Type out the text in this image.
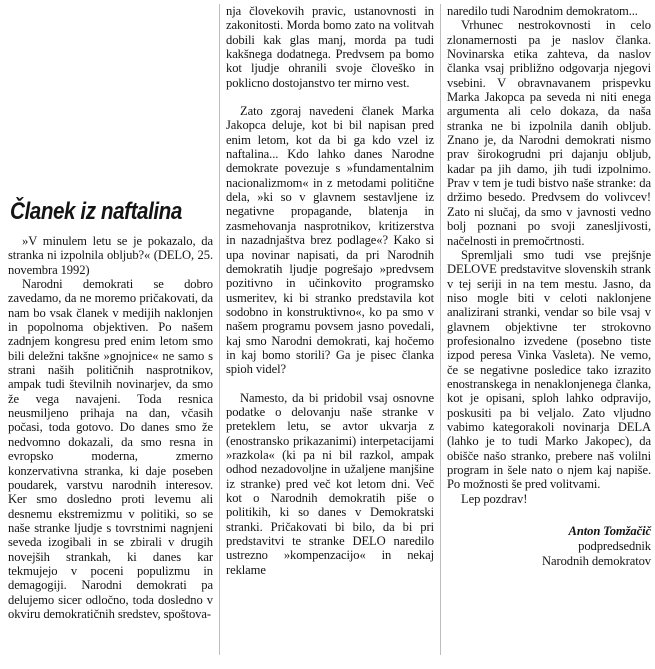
nja človekovih pravic, ustanovnosti in zakonitosti. Morda bomo zato na volitvah dobili kak glas manj, morda pa tudi kakšnega dodatnega. Predvsem pa bomo kot ljudje ohranili svoje človeško in poklicno dostojanstvo ter mirno vest.

Zato zgoraj navedeni članek Marka Jakopca deluje, kot bi bil napisan pred enim letom, kot da bi ga kdo vzel iz naftalina... Kdo lahko danes Narodne demokrate povezuje s »fundamentalnim nacionalizmom« in z metodami politične dela, »ki so v glavnem sestavljene iz negativne propagande, blatenja in zasmehovanja nasprotnikov, kritizerstva in nazadnjaštva brez podlage«? Kako si upa novinar napisati, da pri Narodnih demokratih ljudje pogrešajo »predvsem pozitivno in učinkovito programsko usmeritev, ki bi stranko predstavila kot sodobno in konstruktivno«, ko pa smo v našem programu povsem jasno povedali, kaj smo Narodni demokrati, kaj hočemo in kaj bomo storili? Ga je pisec članka spioh videl?

Namesto, da bi pridobil vsaj osnovne podatke o delovanju naše stranke v preteklem letu, se avtor ukvarja z (enostransko prikazanimi) interpetacijami »razkola« (ki pa ni bil razkol, ampak odhod nezadovoljne in užaljene manjšine iz stranke) pred več kot letom dni. Več kot o Narodnih demokratih piše o politikih, ki so danes v Demokratski stranki. Pričakovati bi bilo, da bi pri predstavitvi te stranke DELO naredilo ustrezno »kompenzacijo« in nekaj reklame

Članek iz naftalina

»V minulem letu se je pokazalo, da stranka ni izpolnila obljub?« (DELO, 25. novembra 1992)

Narodni demokrati se dobro zavedamo, da ne moremo pričakovati, da nam bo vsak članek v medijih naklonjen in popolnoma objektiven. Po našem zadnjem kongresu pred enim letom smo bili deležni takšne »gnojnice« ne samo s strani naših političnih nasprotnikov, ampak tudi številnih novinarjev, da smo že vega navajeni. Toda resnica neusmiljeno prihaja na dan, včasih počasi, toda gotovo. Do danes smo že nedvomno dokazali, da smo resna in evropsko moderna, zmerno konzervativna stranka, ki daje poseben poudarek, varstvu narodnih interesov. Ker smo dosledno proti levemu ali desnemu ekstremizmu v politiki, so se naše stranke ljudje s tovrstnimi nagnjeni seveda izogibali in se zbirali v drugih novejših strankah, ki danes kar tekmujejo v poceni populizmu in demagogiji. Narodni demokrati pa delujemo sicer odločno, toda dosledno v okviru demokratičnih sredstev, spoštova-

naredilo tudi Narodnim demokratom...

Vrhunec nestrokovnosti in celo zlonamernosti pa je naslov članka. Novinarska etika zahteva, da naslov članka vsaj približno odgovarja njegovi vsebini. V obravnavanem prispevku Marka Jakopca pa seveda ni niti enega argumenta ali celo dokaza, da naša stranka ne bi izpolnila danih obljub. Znano je, da Narodni demokrati nismo prav širokogrudni pri dajanju obljub, kadar pa jih damo, jih tudi izpolnimo. Prav v tem je tudi bistvo naše stranke: da držimo besedo. Predvsem do volivcev! Zato ni slučaj, da smo v javnosti vedno bolj poznani po svoji zanesljivosti, načelnosti in premočrtnosti.

Spremljali smo tudi vse prejšnje DELOVE predstavitve slovenskih strank v tej seriji in na tem mestu. Jasno, da niso mogle biti v celoti naklonjene analizirani stranki, vendar so bile vsaj v glavnem objektivne ter strokovno profesionalno izvedene (posebno tiste izpod peresa Vinka Vasleta). Ne vemo, če se negativne posledice tako izrazito enostranskega in nenaklonjenega članka, kot je opisani, sploh lahko odpravijo, poskusiti pa bi veljalo. Zato vljudno vabimo kategorakoli novinarja DELA (lahko je to tudi Marko Jakopec), da obišče našo stranko, prebere naš volilni program in šele nato o njem kaj napiše. Po možnosti še pred volitvami.

Lep pozdrav!

Anton Tomžačič
podpredsednik
Narodnih demokratov
